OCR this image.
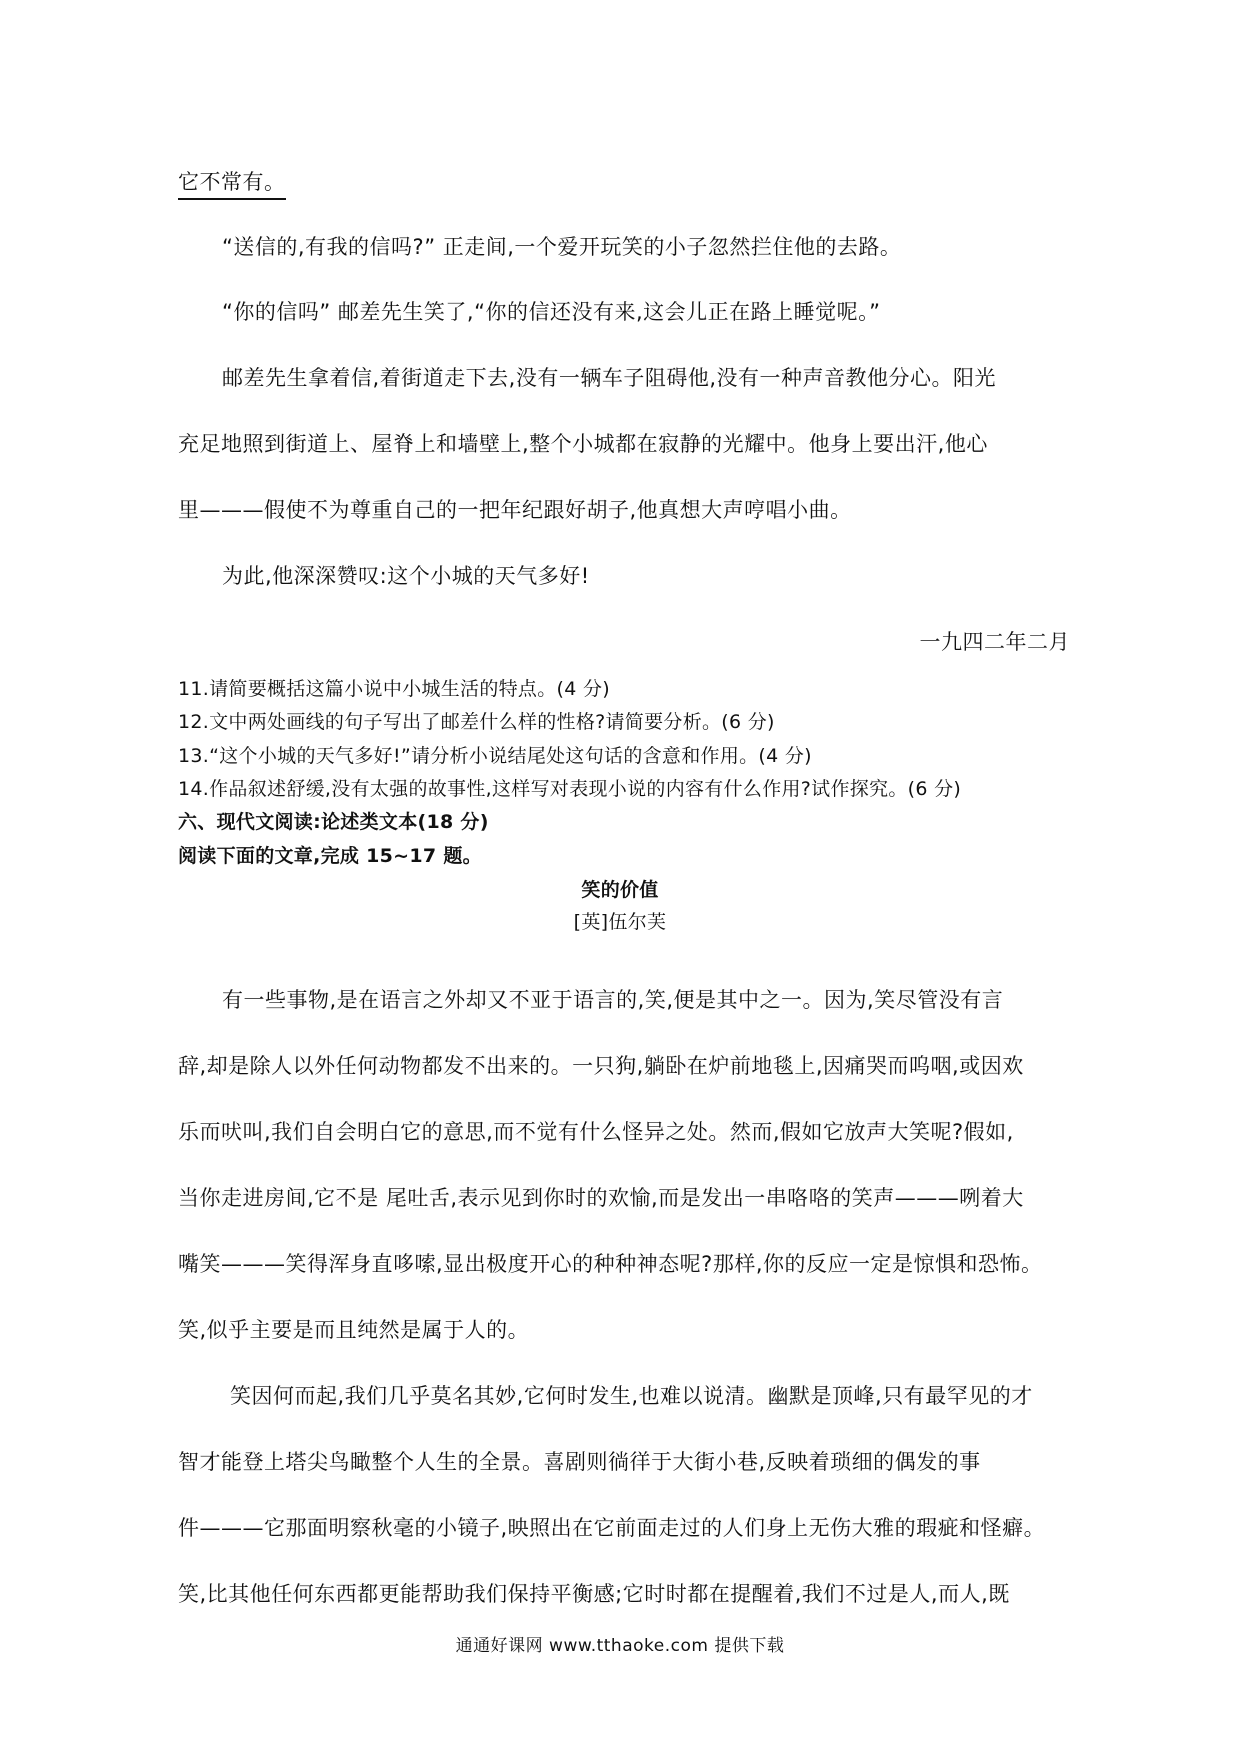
它不常有。
“送信的,有我的信吗?” 正走间,一个爱开玩笑的小子忽然拦住他的去路。
“你的信吗” 邮差先生笑了,“你的信还没有来,这会儿正在路上睡觉呢。”
邮差先生拿着信,着街道走下去,没有一辆车子阻碍他,没有一种声音教他分心。阳光
充足地照到街道上、屋脊上和墙壁上,整个小城都在寂静的光耀中。他身上要出汗,他心
里———假使不为尊重自己的一把年纪跟好胡子,他真想大声哼唱小曲。
为此,他深深赞叹:这个小城的天气多好!
一九四二年二月
11.请简要概括这篇小说中小城生活的特点。(4 分)
12.文中两处画线的句子写出了邮差什么样的性格?请简要分析。(6 分)
13.“这个小城的天气多好!”请分析小说结尾处这句话的含意和作用。(4 分)
14.作品叙述舒缓,没有太强的故事性,这样写对表现小说的内容有什么作用?试作探究。(6 分)
六、现代文阅读:论述类文本(18 分)
阅读下面的文章,完成 15~17 题。
笑的价值
[英]伍尔芙
有一些事物,是在语言之外却又不亚于语言的,笑,便是其中之一。因为,笑尽管没有言
辞,却是除人以外任何动物都发不出来的。一只狗,躺卧在炉前地毯上,因痛哭而呜咽,或因欢
乐而吠叫,我们自会明白它的意思,而不觉有什么怪异之处。然而,假如它放声大笑呢?假如,
当你走进房间,它不是 尾吐舌,表示见到你时的欢愉,而是发出一串咯咯的笑声———咧着大
嘴笑———笑得浑身直哆嗦,显出极度开心的种种神态呢?那样,你的反应一定是惊惧和恐怖。
笑,似乎主要是而且纯然是属于人的。
笑因何而起,我们几乎莫名其妙,它何时发生,也难以说清。幽默是顶峰,只有最罕见的才
智才能登上塔尖鸟瞰整个人生的全景。喜剧则徜徉于大街小巷,反映着琐细的偶发的事
件———它那面明察秋毫的小镜子,映照出在它前面走过的人们身上无伤大雅的瑕疵和怪癖。
笑,比其他任何东西都更能帮助我们保持平衡感;它时时都在提醒着,我们不过是人,而人,既
通通好课网 www.tthaoke.com 提供下载
